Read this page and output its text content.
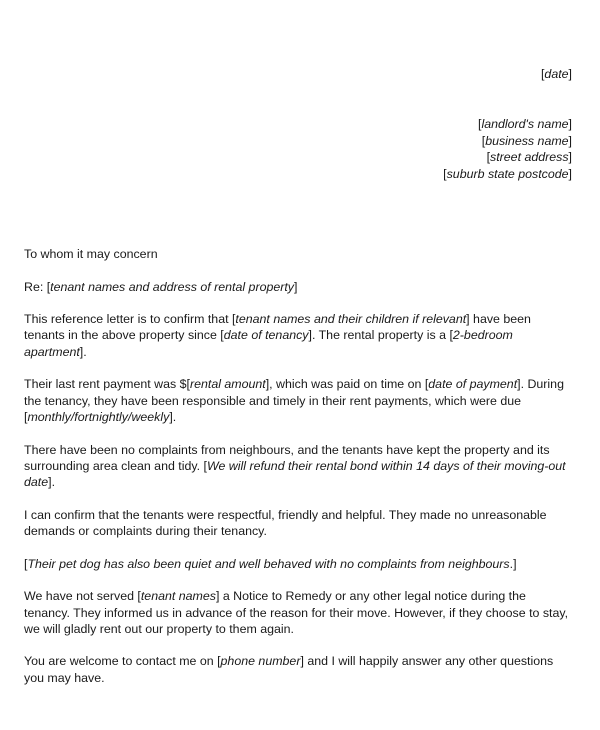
[date]
[landlord's name]
[business name]
[street address]
[suburb state postcode]

To whom it may concern

Re: [tenant names and address of rental property]

This reference letter is to confirm that [tenant names and their children if relevant] have been tenants in the above property since [date of tenancy]. The rental property is a [2-bedroom apartment].

Their last rent payment was $[rental amount], which was paid on time on [date of payment]. During the tenancy, they have been responsible and timely in their rent payments, which were due [monthly/fortnightly/weekly].

There have been no complaints from neighbours, and the tenants have kept the property and its surrounding area clean and tidy. [We will refund their rental bond within 14 days of their moving-out date].

I can confirm that the tenants were respectful, friendly and helpful. They made no unreasonable demands or complaints during their tenancy.

[Their pet dog has also been quiet and well behaved with no complaints from neighbours.]

We have not served [tenant names] a Notice to Remedy or any other legal notice during the tenancy. They informed us in advance of the reason for their move. However, if they choose to stay, we will gladly rent out our property to them again.

You are welcome to contact me on [phone number] and I will happily answer any other questions you may have.
